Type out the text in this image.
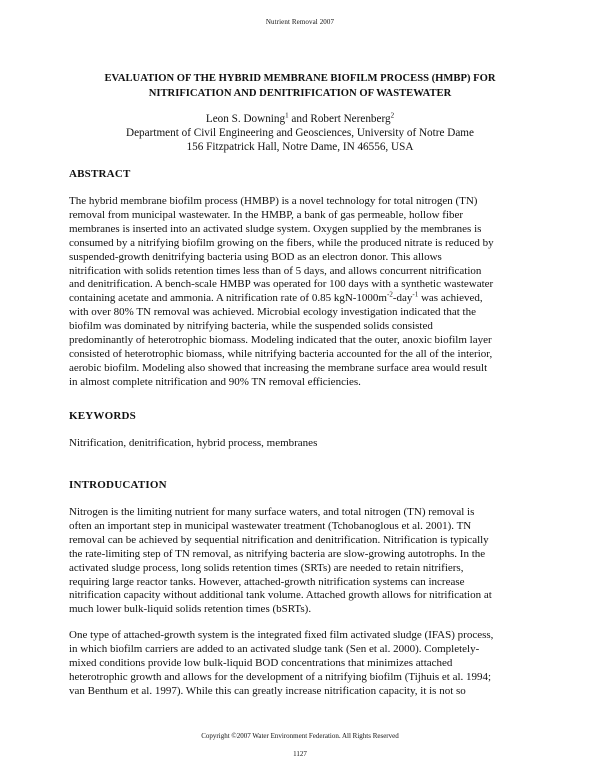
Nutrient Removal 2007
EVALUATION OF THE HYBRID MEMBRANE BIOFILM PROCESS (HMBP) FOR
NITRIFICATION AND DENITRIFICATION OF WASTEWATER
Leon S. Downing$^1$ and Robert Nerenberg$^2$
Department of Civil Engineering and Geosciences, University of Notre Dame
156 Fitzpatrick Hall, Notre Dame, IN 46556, USA
ABSTRACT
The hybrid membrane biofilm process (HMBP) is a novel technology for total nitrogen (TN)
removal from municipal wastewater. In the HMBP, a bank of gas permeable, hollow fiber
membranes is inserted into an activated sludge system. Oxygen supplied by the membranes is
consumed by a nitrifying biofilm growing on the fibers, while the produced nitrate is reduced by
suspended-growth denitrifying bacteria using BOD as an electron donor. This allows
nitrification with solids retention times less than of 5 days, and allows concurrent nitrification
and denitrification. A bench-scale HMBP was operated for 100 days with a synthetic wastewater
containing acetate and ammonia. A nitrification rate of 0.85 kgN-$1000m^{-2}-day^{-1}$ was achieved,
with over 80% TN removal was achieved. Microbial ecology investigation indicated that the
biofilm was dominated by nitrifying bacteria, while the suspended solids consisted
predominantly of heterotrophic biomass. Modeling indicated that the outer, anoxic biofilm layer
consisted of heterotrophic biomass, while nitrifying bacteria accounted for the all of the interior,
aerobic biofilm. Modeling also showed that increasing the membrane surface area would result
in almost complete nitrification and 90% TN removal efficiencies.
KEYWORDS
Nitrification, denitrification, hybrid process, membranes
INTRODUCATION
Nitrogen is the limiting nutrient for many surface waters, and total nitrogen (TN) removal is
often an important step in municipal wastewater treatment (Tchobanoglous et al. 2001). TN
removal can be achieved by sequential nitrification and denitrification. Nitrification is typically
the rate-limiting step of TN removal, as nitrifying bacteria are slow-growing autotrophs. In the
activated sludge process, long solids retention times (SRTs) are needed to retain nitrifiers,
requiring large reactor tanks. However, attached-growth nitrification systems can increase
nitrification capacity without additional tank volume. Attached growth allows for nitrification at
much lower bulk-liquid solids retention times (bSRTs).
One type of attached-growth system is the integrated fixed film activated sludge (IFAS) process,
in which biofilm carriers are added to an activated sludge tank (Sen et al. 2000). Completely-
mixed conditions provide low bulk-liquid BOD concentrations that minimizes attached
heterotrophic growth and allows for the development of a nitrifying biofilm (Tijhuis et al. 1994;
van Benthum et al. 1997). While this can greatly increase nitrification capacity, it is not so
Copyright ©2007 Water Environment Federation. All Rights Reserved
1127
